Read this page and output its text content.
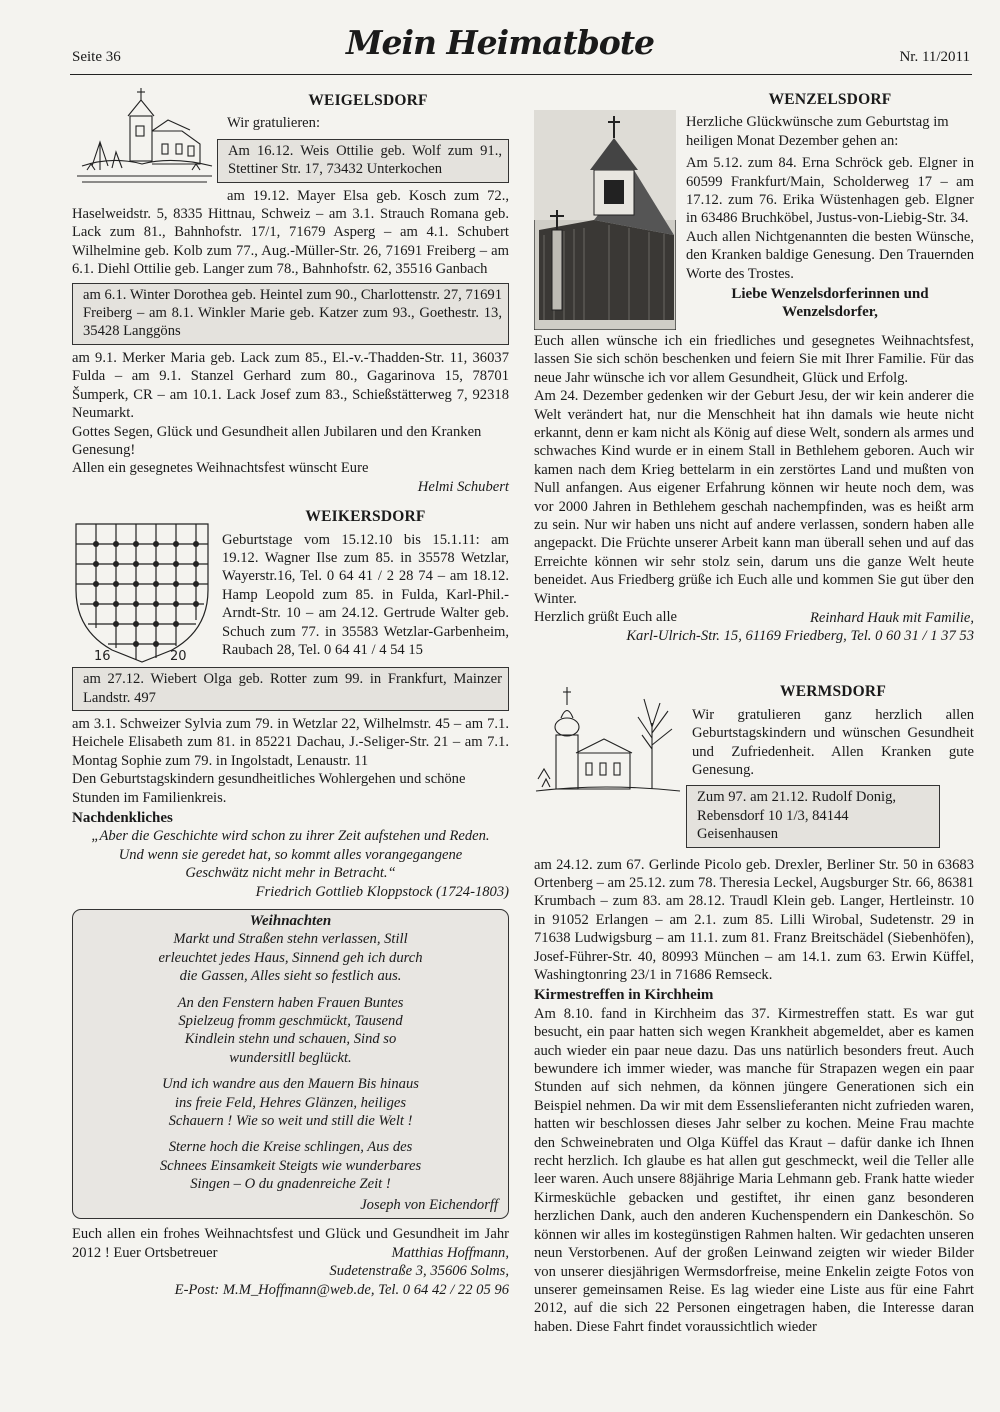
Seite 36	Mein Heimatbote	Nr. 11/2011
WEIGELSDORF

Wir gratulieren:

Am 16.12. Weis Ottilie geb. Wolf zum 91., Stettiner Str. 17, 73432 Unterkochen

am 19.12. Mayer Elsa geb. Kosch zum 72., Haselweidstr. 5, 8335 Hittnau, Schweiz – am 3.1. Strauch Romana geb. Lack zum 81., Bahnhofstr. 17/1, 71679 Asperg – am 4.1. Schubert Wilhelmine geb. Kolb zum 77., Aug.-Müller-Str. 26, 71691 Freiberg – am 6.1. Diehl Ottilie geb. Langer zum 78., Bahnhofstr. 62, 35516 Ganbach

am 6.1. Winter Dorothea geb. Heintel zum 90., Charlottenstr. 27, 71691 Freiberg – am 8.1. Winkler Marie geb. Katzer zum 93., Goethestr. 13, 35428 Langgöns

am 9.1. Merker Maria geb. Lack zum 85., El.-v.-Thadden-Str. 11, 36037 Fulda – am 9.1. Stanzel Gerhard zum 80., Gagarinova 15, 78701 Šumperk, CR – am 10.1. Lack Josef zum 83., Schießstätterweg 7, 92318 Neumarkt.

Gottes Segen, Glück und Gesundheit allen Jubilaren und den Kranken Genesung!

Allen ein gesegnetes Weihnachtsfest wünscht Eure

Helmi Schubert

16	20
WEIKERSDORF

Geburtstage vom 15.12.10 bis 15.1.11: am 19.12. Wagner Ilse zum 85. in 35578 Wetzlar, Wayerstr.16, Tel. 0 64 41 / 2 28 74 – am 18.12. Hamp Leopold zum 85. in Fulda, Karl-Phil.-Arndt-Str. 10 – am 24.12. Gertrude Walter geb. Schuch zum 77. in 35583 Wetzlar-Garbenheim, Raubach 28, Tel. 0 64 41 / 4 54 15

am 27.12. Wiebert Olga geb. Rotter zum 99. in Frankfurt, Mainzer Landstr. 497

am 3.1. Schweizer Sylvia zum 79. in Wetzlar 22, Wilhelmstr. 45 – am 7.1. Heichele Elisabeth zum 81. in 85221 Dachau, J.-Seliger-Str. 21 – am 7.1. Montag Sophie zum 79. in Ingolstadt, Lenaustr. 11

Den Geburtstagskindern gesundheitliches Wohlergehen und schöne Stunden im Familienkreis.

Nachdenkliches

„Aber die Geschichte wird schon zu ihrer Zeit aufstehen und Reden. Und wenn sie geredet hat, so kommt alles vorangegangene Geschwätz nicht mehr in Betracht.“

Friedrich Gottlieb Kloppstock (1724-1803)

Weihnachten

Markt und Straßen stehn verlassen, Still erleuchtet jedes Haus, Sinnend geh ich durch die Gassen, Alles sieht so festlich aus.

An den Fenstern haben Frauen Buntes Spielzeug fromm geschmückt, Tausend Kindlein stehn und schauen, Sind so wundersitll beglückt.

Und ich wandre aus den Mauern Bis hinaus ins freie Feld, Hehres Glänzen, heiliges Schauern ! Wie so weit und still die Welt !

Sterne hoch die Kreise schlingen, Aus des Schnees Einsamkeit Steigts wie wunderbares Singen – O du gnadenreiche Zeit !

Joseph von Eichendorff

Euch allen ein frohes Weihnachtsfest und Glück und Gesundheit im Jahr 2012 ! Euer Ortsbetreuer	Matthias Hoffmann,

Sudetenstraße 3, 35606 Solms,

E-Post: M.M_Hoffmann@web.de, Tel. 0 64 42 / 22 05 96

WENZELSDORF

Herzliche Glückwünsche zum Geburtstag im heiligen Monat Dezember gehen an:

Am 5.12. zum 84. Erna Schröck geb. Elgner in 60599 Frankfurt/Main, Scholderweg 17 – am 17.12. zum 76. Erika Wüstenhagen geb. Elgner in 63486 Bruchköbel, Justus-von-Liebig-Str. 34.

Auch allen Nichtgenannten die besten Wünsche, den Kranken baldige Genesung. Den Trauernden Worte des Trostes.

Liebe Wenzelsdorferinnen und Wenzelsdorfer,

Euch allen wünsche ich ein friedliches und gesegnetes Weihnachtsfest, lassen Sie sich schön beschenken und feiern Sie mit Ihrer Familie. Für das neue Jahr wünsche ich vor allem Gesundheit, Glück und Erfolg.

Am 24. Dezember gedenken wir der Geburt Jesu, der wir kein anderer die Welt verändert hat, nur die Menschheit hat ihn damals wie heute nicht erkannt, denn er kam nicht als König auf diese Welt, sondern als armes und schwaches Kind wurde er in einem Stall in Bethlehem geboren. Auch wir kamen nach dem Krieg bettelarm in ein zerstörtes Land und mußten von Null anfangen. Aus eigener Erfahrung können wir heute noch dem, was vor 2000 Jahren in Bethlehem geschah nachempfinden, was es heißt arm zu sein. Nur wir haben uns nicht auf andere verlassen, sondern haben alle angepackt. Die Früchte unserer Arbeit kann man überall sehen und auf das Erreichte können wir sehr stolz sein, darum uns die ganze Welt heute beneidet. Aus Friedberg grüße ich Euch alle und kommen Sie gut über den Winter.

Herzlich grüßt Euch alle	Reinhard Hauk mit Familie,

Karl-Ulrich-Str. 15, 61169 Friedberg, Tel. 0 60 31 / 1 37 53

WERMSDORF

Wir gratulieren ganz herzlich allen Geburtstagskindern und wünschen Gesundheit und Zufriedenheit. Allen Kranken gute Genesung.

Zum 97. am 21.12. Rudolf Donig, Rebensdorf 10 1/3, 84144 Geisenhausen

am 24.12. zum 67. Gerlinde Picolo geb. Drexler, Berliner Str. 50 in 63683 Ortenberg – am 25.12. zum 78. Theresia Leckel, Augsburger Str. 66, 86381 Krumbach – zum 83. am 28.12. Traudl Klein geb. Langer, Hertleinstr. 10 in 91052 Erlangen – am 2.1. zum 85. Lilli Wirobal, Sudetenstr. 29 in 71638 Ludwigsburg – am 11.1. zum 81. Franz Breitschädel (Siebenhöfen), Josef-Führer-Str. 40, 80993 München – am 14.1. zum 63. Erwin Küffel, Washingtonring 23/1 in 71686 Remseck.

Kirmestreffen in Kirchheim

Am 8.10. fand in Kirchheim das 37. Kirmestreffen statt. Es war gut besucht, ein paar hatten sich wegen Krankheit abgemeldet, aber es kamen auch wieder ein paar neue dazu. Das uns natürlich besonders freut. Auch bewundere ich immer wieder, was manche für Strapazen wegen ein paar Stunden auf sich nehmen, da können jüngere Generationen sich ein Beispiel nehmen. Da wir mit dem Essenslieferanten nicht zufrieden waren, hatten wir beschlossen dieses Jahr selber zu kochen. Meine Frau machte den Schweinebraten und Olga Küffel das Kraut – dafür danke ich Ihnen recht herzlich. Ich glaube es hat allen gut geschmeckt, weil die Teller alle leer waren. Auch unsere 88jährige Maria Lehmann geb. Frank hatte wieder Kirmesküchle gebacken und gestiftet, ihr einen ganz besonderen herzlichen Dank, auch den anderen Kuchenspendern ein Dankeschön. So können wir alles im kostegünstigen Rahmen halten. Wir gedachten unseren neun Verstorbenen. Auf der großen Leinwand zeigten wir wieder Bilder von unserer diesjährigen Wermsdorfreise, meine Enkelin zeigte Fotos von unserer gemeinsamen Reise. Es lag wieder eine Liste aus für eine Fahrt 2012, auf die sich 22 Personen eingetragen haben, die Interesse daran haben. Diese Fahrt findet voraussichtlich wieder
